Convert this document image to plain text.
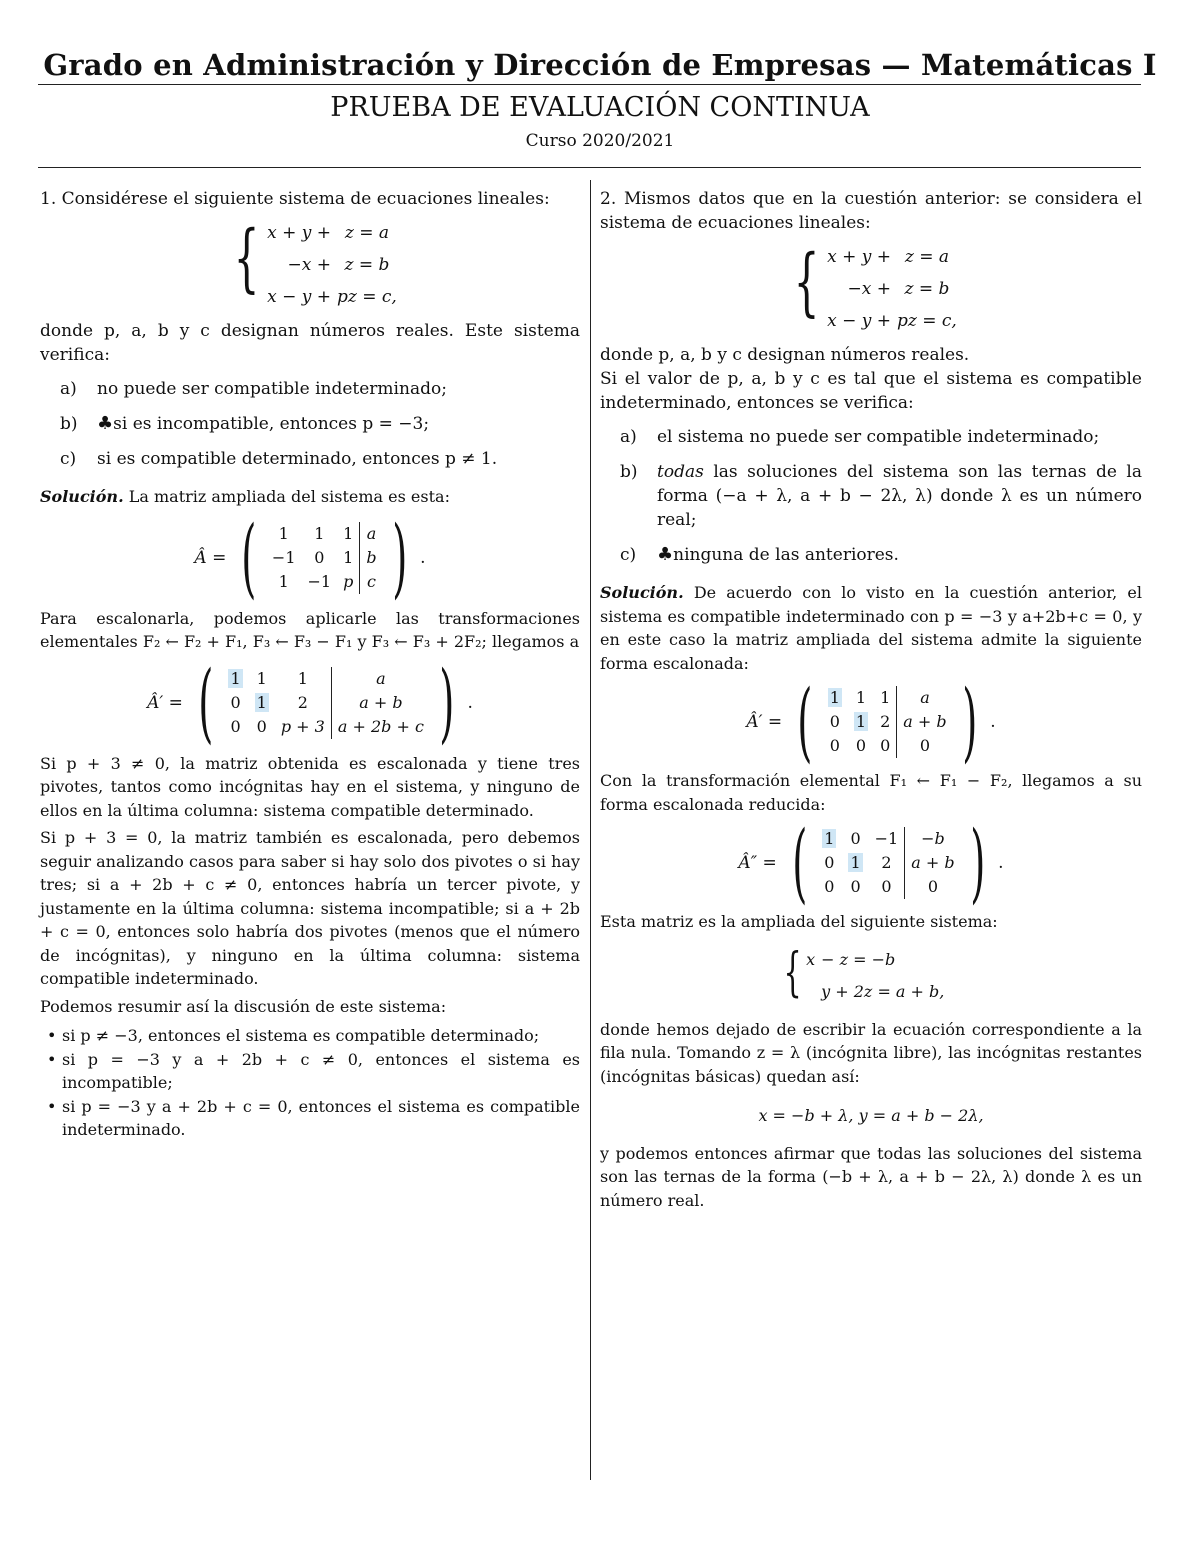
Grado en Administración y Dirección de Empresas — Matemáticas I
PRUEBA DE EVALUACIÓN CONTINUA
Curso 2020/2021
1. Considérese el siguiente sistema de ecuaciones lineales:
{ x + y +	z = a
−x +	z = b
x − y +	pz = c,
donde p, a, b y c designan números reales. Este sistema verifica:
a)	no puede ser compatible indeterminado;
b)	♣si es incompatible, entonces p = −3;
c)	si es compatible determinado, entonces p ≠ 1.
Solución. La matriz ampliada del sistema es esta:
Â = ( 1	1	1	a
−1	0	1	b
1	−1	p	c ) .
Para escalonarla, podemos aplicarle las transformaciones elementales F₂ ← F₂ + F₁, F₃ ← F₃ − F₁ y F₃ ← F₃ + 2F₂; llegamos a
Â′ = ( 1	1	1	a
0	1	2	a + b
0	0	p + 3	a + 2b + c ) .
Si p + 3 ≠ 0, la matriz obtenida es escalonada y tiene tres pivotes, tantos como incógnitas hay en el sistema, y ninguno de ellos en la última columna: sistema compatible determinado.
Si p + 3 = 0, la matriz también es escalonada, pero debemos seguir analizando casos para saber si hay solo dos pivotes o si hay tres; si a + 2b + c ≠ 0, entonces habría un tercer pivote, y justamente en la última columna: sistema incompatible; si a + 2b + c = 0, entonces solo habría dos pivotes (menos que el número de incógnitas), y ninguno en la última columna: sistema compatible indeterminado.
Podemos resumir así la discusión de este sistema:
• si p ≠ −3, entonces el sistema es compatible determinado;
• si p = −3 y a + 2b + c ≠ 0, entonces el sistema es incompatible;
• si p = −3 y a + 2b + c = 0, entonces el sistema es compatible indeterminado.
2. Mismos datos que en la cuestión anterior: se considera el sistema de ecuaciones lineales:
{ x + y +	z = a
−x +	z = b
x − y +	pz = c,
donde p, a, b y c designan números reales.
Si el valor de p, a, b y c es tal que el sistema es compatible indeterminado, entonces se verifica:
a)	el sistema no puede ser compatible indeterminado;
b)	todas las soluciones del sistema son las ternas de la forma (−a + λ, a + b − 2λ, λ) donde λ es un número real;
c)	♣ninguna de las anteriores.
Solución. De acuerdo con lo visto en la cuestión anterior, el sistema es compatible indeterminado con p = −3 y a+2b+c = 0, y en este caso la matriz ampliada del sistema admite la siguiente forma escalonada:
Â′ = ( 1	1	1	a
0	1	2	a + b
0	0	0	0 ) .
Con la transformación elemental F₁ ← F₁ − F₂, llegamos a su forma escalonada reducida:
Â″ = ( 1	0	−1	−b
0	1	2	a + b
0	0	0	0 ) .
Esta matriz es la ampliada del siguiente sistema:
{ x	− z = −b
	y + 2z = a + b,
donde hemos dejado de escribir la ecuación correspondiente a la fila nula. Tomando z = λ (incógnita libre), las incógnitas restantes (incógnitas básicas) quedan así:
x = −b + λ, y = a + b − 2λ,
y podemos entonces afirmar que todas las soluciones del sistema son las ternas de la forma (−b + λ, a + b − 2λ, λ) donde λ es un número real.
